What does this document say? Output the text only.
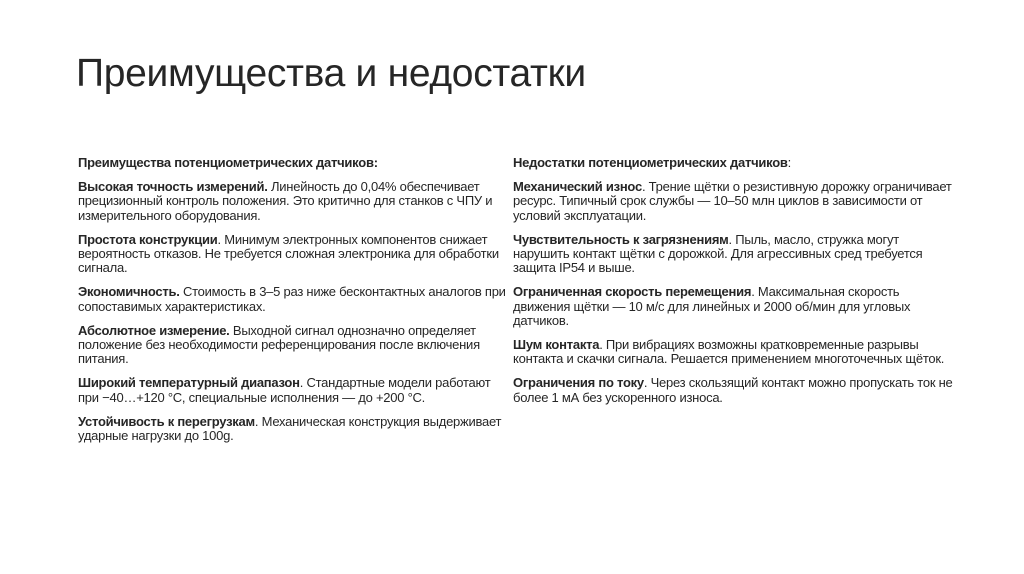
Преимущества и недостатки
Преимущества потенциометрических датчиков:
Высокая точность измерений. Линейность до 0,04% обеспечивает прецизионный контроль положения. Это критично для станков с ЧПУ и измерительного оборудования.
Простота конструкции. Минимум электронных компонентов снижает вероятность отказов. Не требуется сложная электроника для обработки сигнала.
Экономичность. Стоимость в 3–5 раз ниже бесконтактных аналогов при сопоставимых характеристиках.
Абсолютное измерение. Выходной сигнал однозначно определяет положение без необходимости референцирования после включения питания.
Широкий температурный диапазон. Стандартные модели работают при −40…+120 °C, специальные исполнения — до +200 °C.
Устойчивость к перегрузкам. Механическая конструкция выдерживает ударные нагрузки до 100g.
Недостатки потенциометрических датчиков:
Механический износ. Трение щётки о резистивную дорожку ограничивает ресурс. Типичный срок службы — 10–50 млн циклов в зависимости от условий эксплуатации.
Чувствительность к загрязнениям. Пыль, масло, стружка могут нарушить контакт щётки с дорожкой. Для агрессивных сред требуется защита IP54 и выше.
Ограниченная скорость перемещения. Максимальная скорость движения щётки — 10 м/с для линейных и 2000 об/мин для угловых датчиков.
Шум контакта. При вибрациях возможны кратковременные разрывы контакта и скачки сигнала. Решается применением многоточечных щёток.
Ограничения по току. Через скользящий контакт можно пропускать ток не более 1 мА без ускоренного износа.
